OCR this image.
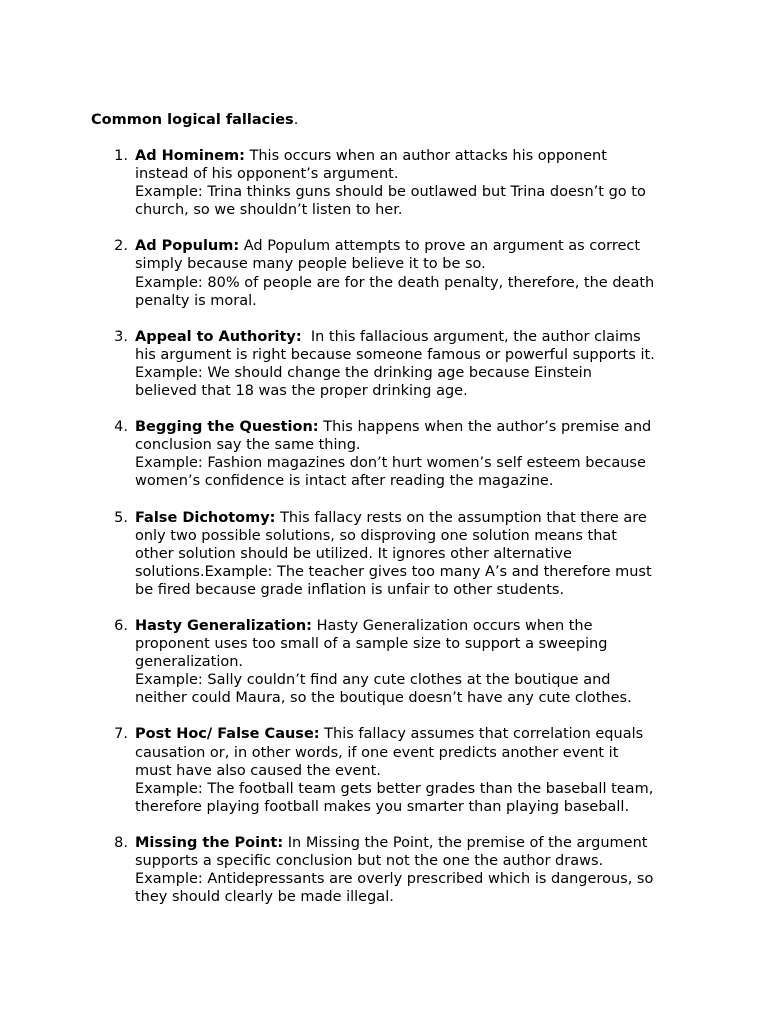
Common logical fallacies.

1. Ad Hominem: This occurs when an author attacks his opponent
instead of his opponent’s argument.
Example: Trina thinks guns should be outlawed but Trina doesn’t go to
church, so we shouldn’t listen to her.
2. Ad Populum: Ad Populum attempts to prove an argument as correct
simply because many people believe it to be so.
Example: 80% of people are for the death penalty, therefore, the death
penalty is moral.
3. Appeal to Authority:  In this fallacious argument, the author claims
his argument is right because someone famous or powerful supports it.
Example: We should change the drinking age because Einstein
believed that 18 was the proper drinking age.
4. Begging the Question: This happens when the author’s premise and
conclusion say the same thing.
Example: Fashion magazines don’t hurt women’s self esteem because
women’s confidence is intact after reading the magazine.
5. False Dichotomy: This fallacy rests on the assumption that there are
only two possible solutions, so disproving one solution means that
other solution should be utilized. It ignores other alternative
solutions.Example: The teacher gives too many A’s and therefore must
be fired because grade inflation is unfair to other students.
6. Hasty Generalization: Hasty Generalization occurs when the
proponent uses too small of a sample size to support a sweeping
generalization.
Example: Sally couldn’t find any cute clothes at the boutique and
neither could Maura, so the boutique doesn’t have any cute clothes.
7. Post Hoc/ False Cause: This fallacy assumes that correlation equals
causation or, in other words, if one event predicts another event it
must have also caused the event.
Example: The football team gets better grades than the baseball team,
therefore playing football makes you smarter than playing baseball.
8. Missing the Point: In Missing the Point, the premise of the argument
supports a specific conclusion but not the one the author draws.
Example: Antidepressants are overly prescribed which is dangerous, so
they should clearly be made illegal.
